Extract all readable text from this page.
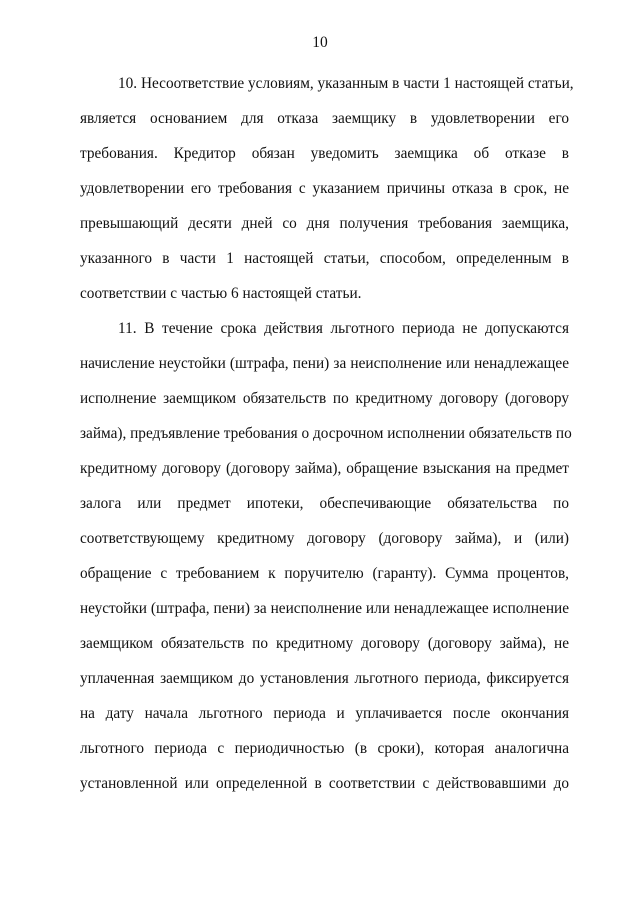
10
10. Несоответствие условиям, указанным в части 1 настоящей статьи,
является основанием для отказа заемщику в удовлетворении его
требования. Кредитор обязан уведомить заемщика об отказе в
удовлетворении его требования с указанием причины отказа в срок, не
превышающий десяти дней со дня получения требования заемщика,
указанного в части 1 настоящей статьи, способом, определенным в
соответствии с частью 6 настоящей статьи.
11. В течение срока действия льготного периода не допускаются
начисление неустойки (штрафа, пени) за неисполнение или ненадлежащее
исполнение заемщиком обязательств по кредитному договору (договору
займа), предъявление требования о досрочном исполнении обязательств по
кредитному договору (договору займа), обращение взыскания на предмет
залога или предмет ипотеки, обеспечивающие обязательства по
соответствующему кредитному договору (договору займа), и (или)
обращение с требованием к поручителю (гаранту). Сумма процентов,
неустойки (штрафа, пени) за неисполнение или ненадлежащее исполнение
заемщиком обязательств по кредитному договору (договору займа), не
уплаченная заемщиком до установления льготного периода, фиксируется
на дату начала льготного периода и уплачивается после окончания
льготного периода с периодичностью (в сроки), которая аналогична
установленной или определенной в соответствии с действовавшими до
